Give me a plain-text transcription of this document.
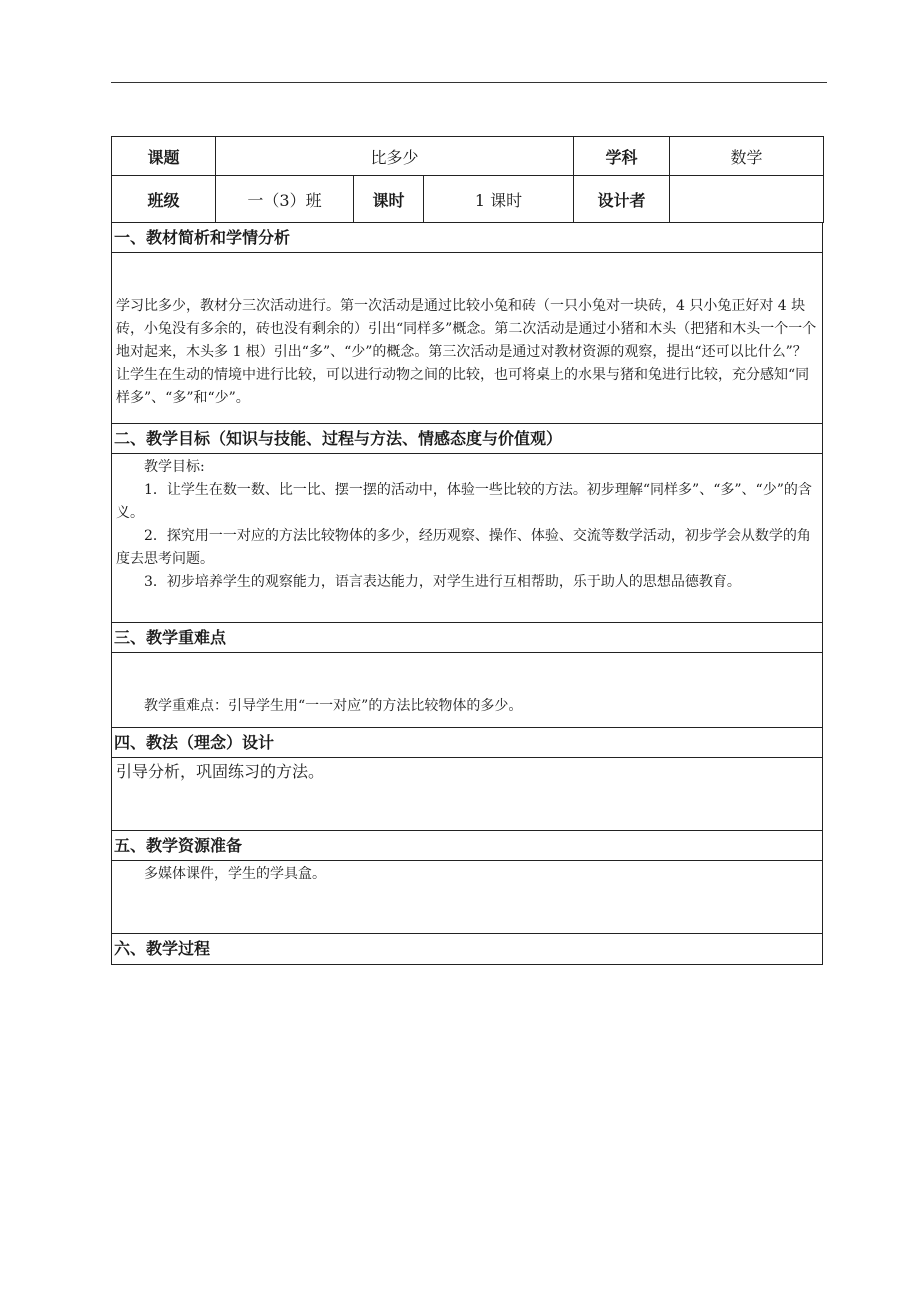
课题	比多少			学科	数学
班级	一（3）班	课时	1 课时	设计者	
一、教材简析和学情分析

学习比多少，教材分三次活动进行。第一次活动是通过比较小兔和砖（一只小兔对一块砖，4 只小兔正好对 4 块砖，小兔没有多余的，砖也没有剩余的）引出“同样多”概念。第二次活动是通过小猪和木头（把猪和木头一个一个地对起来，木头多 1 根）引出“多”、“少”的概念。第三次活动是通过对教材资源的观察，提出“还可以比什么”？让学生在生动的情境中进行比较，可以进行动物之间的比较，也可将桌上的水果与猪和兔进行比较，充分感知“同样多”、“多”和“少”。

二、教学目标（知识与技能、过程与方法、情感态度与价值观）

教学目标:

1．让学生在数一数、比一比、摆一摆的活动中，体验一些比较的方法。初步理解“同样多”、“多”、“少”的含义。

2．探究用一一对应的方法比较物体的多少，经历观察、操作、体验、交流等数学活动，初步学会从数学的角度去思考问题。

3．初步培养学生的观察能力，语言表达能力，对学生进行互相帮助，乐于助人的思想品德教育。

三、教学重难点

教学重难点：引导学生用“一一对应”的方法比较物体的多少。

四、教法（理念）设计

引导分析，巩固练习的方法。

五、教学资源准备

多媒体课件，学生的学具盒。

六、教学过程
